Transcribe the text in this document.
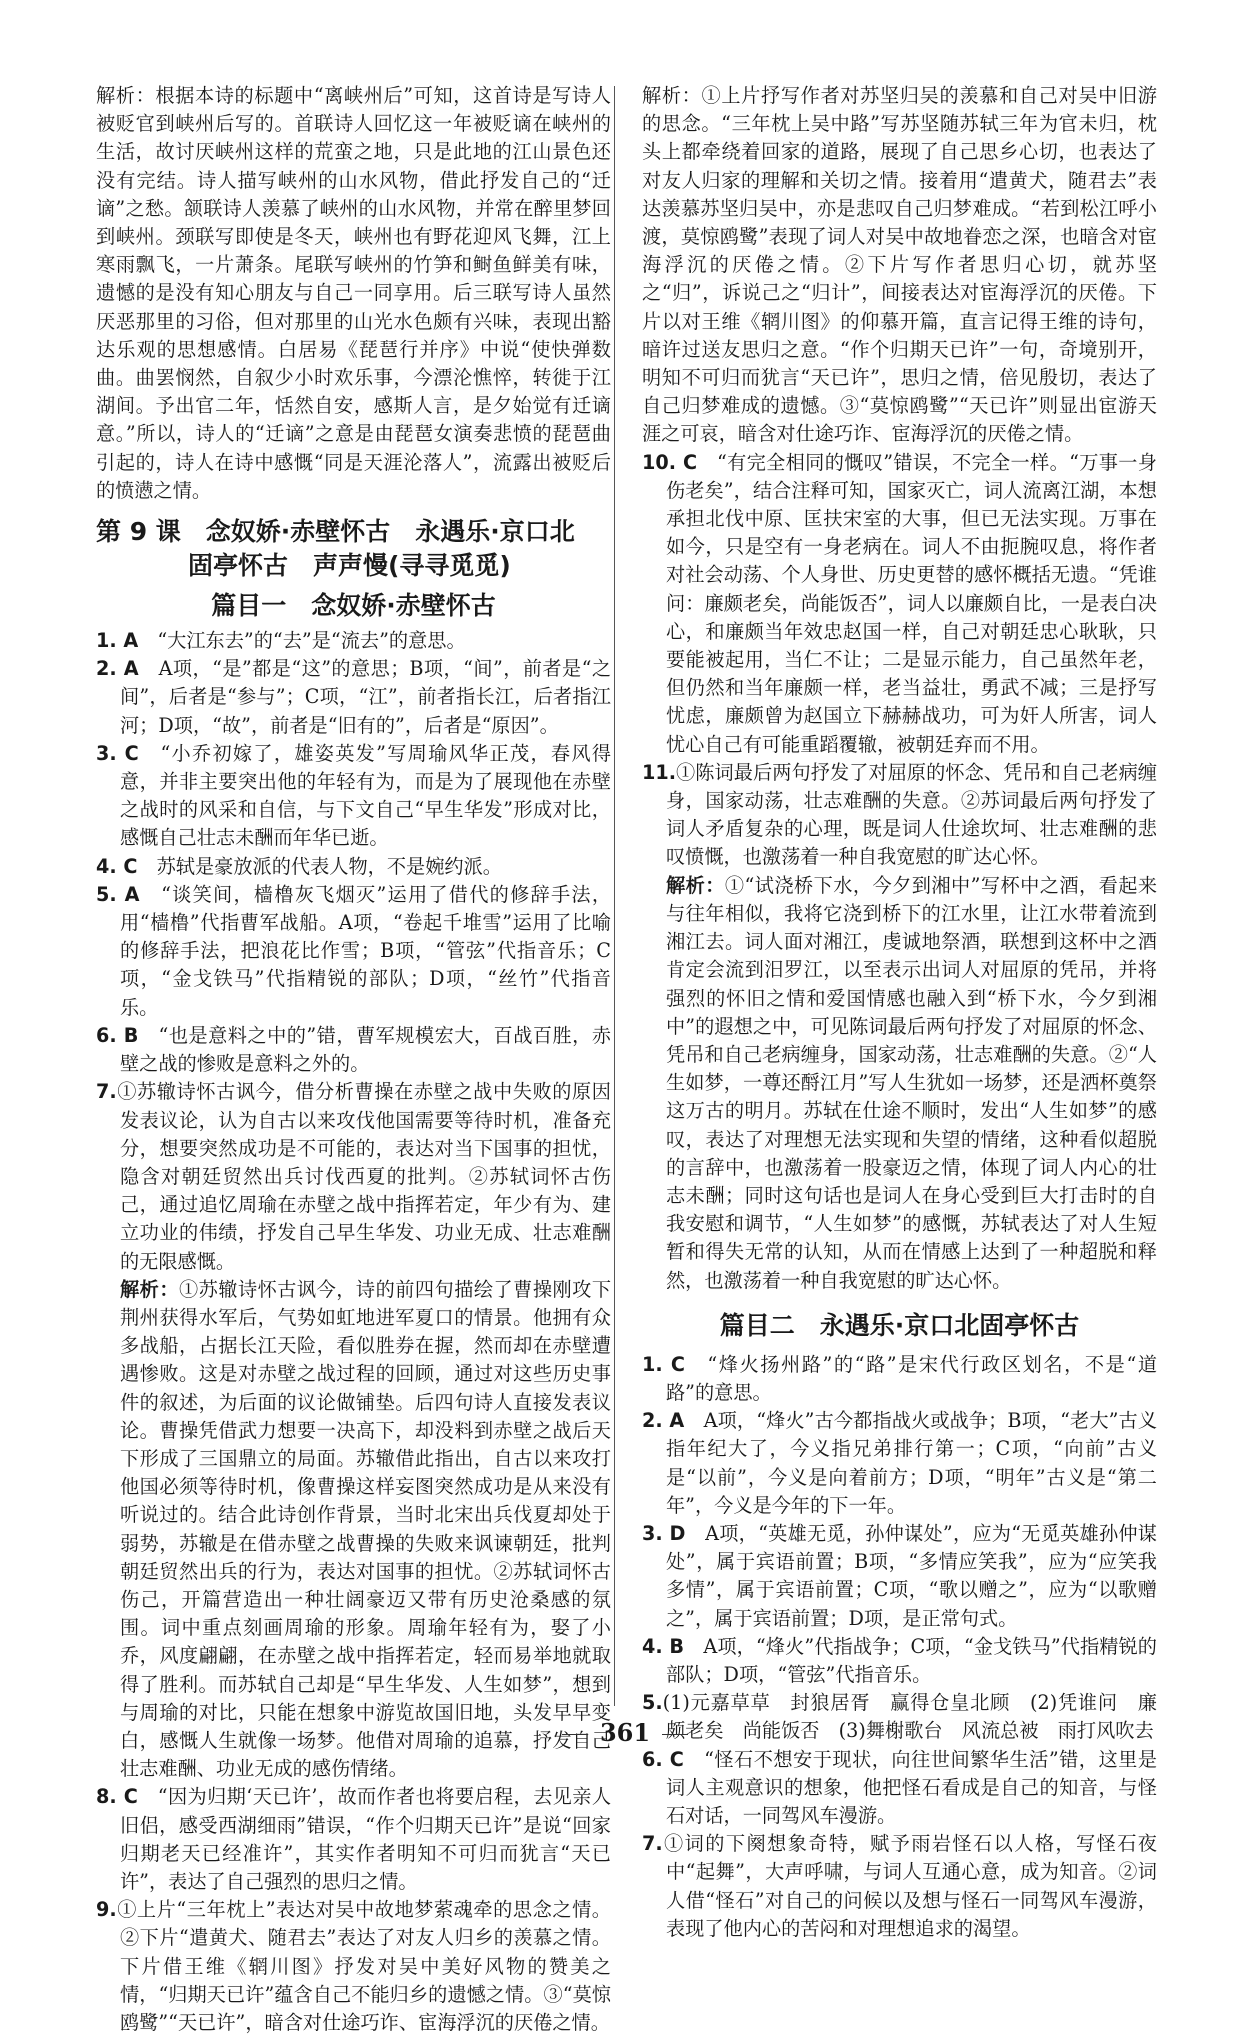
解析：根据本诗的标题中“离峡州后”可知，这首诗是写诗人被贬官到峡州后写的。首联诗人回忆这一年被贬谪在峡州的生活，故讨厌峡州这样的荒蛮之地，只是此地的江山景色还没有完结。诗人描写峡州的山水风物，借此抒发自己的“迁谪”之愁。颔联诗人羡慕了峡州的山水风物，并常在醉里梦回到峡州。颈联写即使是冬天，峡州也有野花迎风飞舞，江上寒雨飘飞，一片萧条。尾联写峡州的竹笋和鲥鱼鲜美有味，遗憾的是没有知心朋友与自己一同享用。后三联写诗人虽然厌恶那里的习俗，但对那里的山光水色颇有兴味，表现出豁达乐观的思想感情。白居易《琵琶行并序》中说“使快弹数曲。曲罢悯然，自叙少小时欢乐事，今漂沦憔悴，转徙于江湖间。予出官二年，恬然自安，感斯人言，是夕始觉有迁谪意。”所以，诗人的“迁谪”之意是由琵琶女演奏悲愤的琵琶曲引起的，诗人在诗中感慨“同是天涯沦落人”，流露出被贬后的愤懑之情。

第 9 课　念奴娇·赤壁怀古　永遇乐·京口北
固亭怀古　声声慢(寻寻觅觅)
篇目一　念奴娇·赤壁怀古

1. A　 “大江东去”的“去”是“流去”的意思。

2. A　 A项，“是”都是“这”的意思；B项，“间”，前者是“之间”，后者是“参与”；C项，“江”，前者指长江，后者指江河；D项，“故”，前者是“旧有的”，后者是“原因”。

3. C　 “小乔初嫁了，雄姿英发”写周瑜风华正茂，春风得意，并非主要突出他的年轻有为，而是为了展现他在赤壁之战时的风采和自信，与下文自己“早生华发”形成对比，感慨自己壮志未酬而年华已逝。

4. C　 苏轼是豪放派的代表人物，不是婉约派。

5. A　 “谈笑间，樯橹灰飞烟灭”运用了借代的修辞手法，用“樯橹”代指曹军战船。A项，“卷起千堆雪”运用了比喻的修辞手法，把浪花比作雪；B项，“管弦”代指音乐；C项，“金戈铁马”代指精锐的部队；D项，“丝竹”代指音乐。

6. B　 “也是意料之中的”错，曹军规模宏大，百战百胜，赤壁之战的惨败是意料之外的。

7.①苏辙诗怀古讽今，借分析曹操在赤壁之战中失败的原因发表议论，认为自古以来攻伐他国需要等待时机，准备充分，想要突然成功是不可能的，表达对当下国事的担忧，隐含对朝廷贸然出兵讨伐西夏的批判。②苏轼词怀古伤己，通过追忆周瑜在赤壁之战中指挥若定，年少有为、建立功业的伟绩，抒发自己早生华发、功业无成、壮志难酬的无限感慨。

解析：①苏辙诗怀古讽今，诗的前四句描绘了曹操刚攻下荆州获得水军后，气势如虹地进军夏口的情景。他拥有众多战船，占据长江天险，看似胜券在握，然而却在赤壁遭遇惨败。这是对赤壁之战过程的回顾，通过对这些历史事件的叙述，为后面的议论做铺垫。后四句诗人直接发表议论。曹操凭借武力想要一决高下，却没料到赤壁之战后天下形成了三国鼎立的局面。苏辙借此指出，自古以来攻打他国必须等待时机，像曹操这样妄图突然成功是从来没有听说过的。结合此诗创作背景，当时北宋出兵伐夏却处于弱势，苏辙是在借赤壁之战曹操的失败来讽谏朝廷，批判朝廷贸然出兵的行为，表达对国事的担忧。②苏轼词怀古伤己，开篇营造出一种壮阔豪迈又带有历史沧桑感的氛围。词中重点刻画周瑜的形象。周瑜年轻有为，娶了小乔，风度翩翩，在赤壁之战中指挥若定，轻而易举地就取得了胜利。而苏轼自己却是“早生华发、人生如梦”，想到与周瑜的对比，只能在想象中游览故国旧地，头发早早变白，感慨人生就像一场梦。他借对周瑜的追慕，抒发自己壮志难酬、功业无成的感伤情绪。

8. C　 “因为归期‘天已许’，故而作者也将要启程，去见亲人旧侣，感受西湖细雨”错误，“作个归期天已许”是说“回家归期老天已经准许”，其实作者明知不可归而犹言“天已许”，表达了自己强烈的思归之情。

9.①上片“三年枕上”表达对吴中故地梦萦魂牵的思念之情。②下片“遣黄犬、随君去”表达了对友人归乡的羡慕之情。下片借王维《辋川图》抒发对吴中美好风物的赞美之情，“归期天已许”蕴含自己不能归乡的遗憾之情。③“莫惊鸥鹭”“天已许”，暗含对仕途巧诈、宦海浮沉的厌倦之情。

解析：①上片抒写作者对苏坚归吴的羡慕和自己对吴中旧游的思念。“三年枕上吴中路”写苏坚随苏轼三年为官未归，枕头上都牵绕着回家的道路，展现了自己思乡心切，也表达了对友人归家的理解和关切之情。接着用“遣黄犬，随君去”表达羡慕苏坚归吴中，亦是悲叹自己归梦难成。“若到松江呼小渡，莫惊鸥鹭”表现了词人对吴中故地眷恋之深，也暗含对宦海浮沉的厌倦之情。②下片写作者思归心切，就苏坚之“归”，诉说己之“归计”，间接表达对宦海浮沉的厌倦。下片以对王维《辋川图》的仰慕开篇，直言记得王维的诗句，暗许过送友思归之意。“作个归期天已许”一句，奇境别开，明知不可归而犹言“天已许”，思归之情，倍见殷切，表达了自己归梦难成的遗憾。③“莫惊鸥鹭”“天已许”则显出宦游天涯之可哀，暗含对仕途巧诈、宦海浮沉的厌倦之情。

10. C　 “有完全相同的慨叹”错误，不完全一样。“万事一身伤老矣”，结合注释可知，国家灭亡，词人流离江湖，本想承担北伐中原、匡扶宋室的大事，但已无法实现。万事在如今，只是空有一身老病在。词人不由扼腕叹息，将作者对社会动荡、个人身世、历史更替的感怀概括无遗。“凭谁问：廉颇老矣，尚能饭否”，词人以廉颇自比，一是表白决心，和廉颇当年效忠赵国一样，自己对朝廷忠心耿耿，只要能被起用，当仁不让；二是显示能力，自己虽然年老，但仍然和当年廉颇一样，老当益壮，勇武不减；三是抒写忧虑，廉颇曾为赵国立下赫赫战功，可为奸人所害，词人忧心自己有可能重蹈覆辙，被朝廷弃而不用。

11.①陈词最后两句抒发了对屈原的怀念、凭吊和自己老病缠身，国家动荡，壮志难酬的失意。②苏词最后两句抒发了词人矛盾复杂的心理，既是词人仕途坎坷、壮志难酬的悲叹愤慨，也激荡着一种自我宽慰的旷达心怀。

解析：①“试浇桥下水，今夕到湘中”写杯中之酒，看起来与往年相似，我将它浇到桥下的江水里，让江水带着流到湘江去。词人面对湘江，虔诚地祭酒，联想到这杯中之酒肯定会流到汨罗江，以至表示出词人对屈原的凭吊，并将强烈的怀旧之情和爱国情感也融入到“桥下水，今夕到湘中”的遐想之中，可见陈词最后两句抒发了对屈原的怀念、凭吊和自己老病缠身，国家动荡，壮志难酬的失意。②“人生如梦，一尊还酹江月”写人生犹如一场梦，还是洒杯奠祭这万古的明月。苏轼在仕途不顺时，发出“人生如梦”的感叹，表达了对理想无法实现和失望的情绪，这种看似超脱的言辞中，也激荡着一股豪迈之情，体现了词人内心的壮志未酬；同时这句话也是词人在身心受到巨大打击时的自我安慰和调节，“人生如梦”的感慨，苏轼表达了对人生短暂和得失无常的认知，从而在情感上达到了一种超脱和释然，也激荡着一种自我宽慰的旷达心怀。

篇目二　永遇乐·京口北固亭怀古

1. C　 “烽火扬州路”的“路”是宋代行政区划名，不是“道路”的意思。

2. A　 A项，“烽火”古今都指战火或战争；B项，“老大”古义指年纪大了，今义指兄弟排行第一；C项，“向前”古义是“以前”，今义是向着前方；D项，“明年”古义是“第二年”，今义是今年的下一年。

3. D　 A项，“英雄无觅，孙仲谋处”，应为“无觅英雄孙仲谋处”，属于宾语前置；B项，“多情应笑我”，应为“应笑我多情”，属于宾语前置；C项，“歌以赠之”，应为“以歌赠之”，属于宾语前置；D项，是正常句式。

4. B　 A项，“烽火”代指战争；C项，“金戈铁马”代指精锐的部队；D项，“管弦”代指音乐。

5.(1)元嘉草草　封狼居胥　赢得仓皇北顾　(2)凭谁问　廉颇老矣　尚能饭否　(3)舞榭歌台　风流总被　雨打风吹去

6. C　 “怪石不想安于现状，向往世间繁华生活”错，这里是词人主观意识的想象，他把怪石看成是自己的知音，与怪石对话，一同驾风车漫游。

7.①词的下阕想象奇特，赋予雨岩怪石以人格，写怪石夜中“起舞”，大声呼啸，与词人互通心意，成为知音。②词人借“怪石”对自己的问候以及想与怪石一同驾风车漫游，表现了他内心的苦闷和对理想追求的渴望。

361
